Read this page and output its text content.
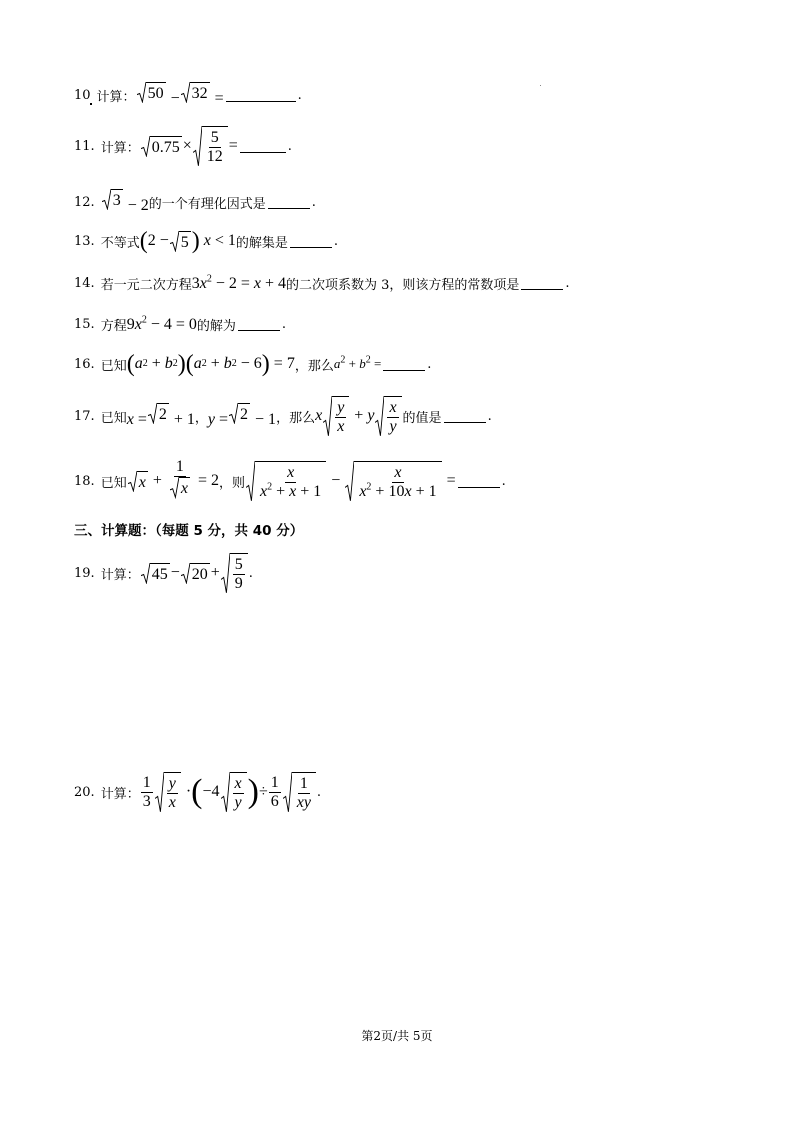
10 计算： 50 − 32 =	.
11. 计算： $0.75 \times \frac{5}{12}$ =	.
12. 3 − 2 的一个有理化因式是	.
13. 不等式 ( 2 − 5 ) x < 1 的解集是	.
14. 若一元二次方程 $3x^2 - 2 = x + 4$ 的二次项系数为 3，则该方程的常数项是	.
15. 方程 $9x^2 - 4 = 0$ 的解为	.
16. 已知 ( a 2 + b 2 ) ( a 2 + b 2 − 6 ) = 7 ，那么 $a^2 + b^2$ =	.
17. 已知 x = 2 + 1 ， y = 2 − 1 ，那么 x $\frac{y}{x} + y \frac{x}{y}$ 的值是	.
18. 已知 $x + \frac{1}{x} = 2$ ，则 $\frac{x}{x^2 + x + 1} - \frac{x}{x^2 + 10x + 1}$ =	.
三、计算题：（每题 5 分，共 40 分）
19. 计算： $45 - 20 + \frac{5}{9}$ .
20. 计算： $\frac{1}{3} \frac{y}{x}$ · ( $-4 \frac{x}{y}$ ) ÷ $\frac{1}{6} \frac{1}{xy}$ .
第2页/共 5页
